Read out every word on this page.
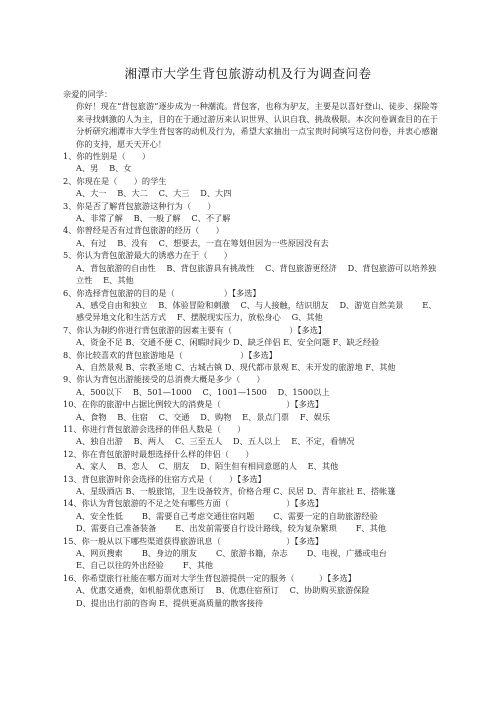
湘潭市大学生背包旅游动机及行为调查问卷
亲爱的同学：
你好！现在“背包旅游”逐步成为一种潮流。背包客，也称为驴友，主要是以喜好登山、徒步、探险等来寻找刺激的人为主，目的在于通过游历来认识世界、认识自我、挑战极限。本次问卷调查目的在于分析研究湘潭市大学生背包客的动机及行为，希望大家抽出一点宝贵时间填写这份问卷，并衷心感谢你的支持，愿天天开心！
1、你的性别是（　　）
A、男　 B、女
2、你现在是（　　）的学生
A、大一　 B、大二　 C、大三　 D、大四
3、你是否了解背包旅游这种行为（　　）
A、非常了解　 B、一般了解　 C、不了解
4、你曾经是否有过背包旅游的经历（　　）
A、有过　 B、没有　 C、想要去，一直在筹划但因为一些原因没有去
5、你认为背包旅游最大的诱惑力在于（　　）
A、背包旅游的自由性　 B、背包旅游具有挑战性　 C、背包旅游更经济　 D、背包旅游可以培养独立性　 E、其他
6、你选择背包旅游的目的是（　　　　　　）【多选】
A、感受自由和独立　 B、体验冒险和刺激　 C、与人接触，结识朋友　 D、游览自然美景　　 E、感受异地文化和生活方式　 F、摆脱现实压力，放松身心　 G、其他
7、你认为制约你进行背包旅游的因素主要有（　　　　　　　）【多选】
A、资金不足 B、交通不便 C、闲暇时间少 D、缺乏伴侣 E、安全问题 F、缺乏经验
8、你比较喜欢的背包旅游地是（　　　　　　　）【多选】
A、自然景观 B、宗教圣地 C、古城古镇 D、现代都市景观 E、未开发的旅游地 F、其他
9、你认为背包出游能接受的总消费大概是多少（　　）
A、500以下　 B、501—1000　 C、1001—1500　 D、1500以上
10、在你的旅游中占据比例较大的消费是（　　　　　　　　）【多选】
A、食物　 B、住宿　 C、交通　 D、购物　 E、景点门票　 F、娱乐
11、你进行背包旅游会选择的伴侣人数是（　　）
A、独自出游　 B、两人　 C、三至五人　 D、五人以上　 E、不定，看情况
12、你在背包旅游时最想选择什么样的伴侣（　　）
A、家人　 B、恋人　 C、朋友　 D、陌生但有相同意愿的人　 E、其他
13、背包旅游时你会选择的住宿方式是（　　）【多选】
A、星级酒店 B、一般旅馆，卫生设备较齐，价格合理 C、民居 D、青年旅社 E、搭帐篷
14、你认为背包旅游的不足之处有哪些方面（　　　　　　　）【多选】
A、安全性低　　 B、需要自己考虑交通住宿问题　　 C、需要一定的自助旅游经验
D、需要自己准备装备　　 E、出发前需要自行设计路线，较为复杂繁琐　　 F、其他
15、你一般从以下哪些渠道获得旅游讯息（　　　　　　　　）【多选】
A、网页搜索　　 B、身边的朋友　　 C、旅游书籍，杂志　　 D、电视，广播或电台
E、自己以往的外出经验　　 F、其他
16、你希望旅行社能在哪方面对大学生背包游提供一定的服务（　　　）【多选】
A、优惠交通费，如机船票优惠预订　 B、优惠住宿预订　 C、协助购买旅游保险
D、提出出行前的咨询 E、提供更高质量的散客接待
